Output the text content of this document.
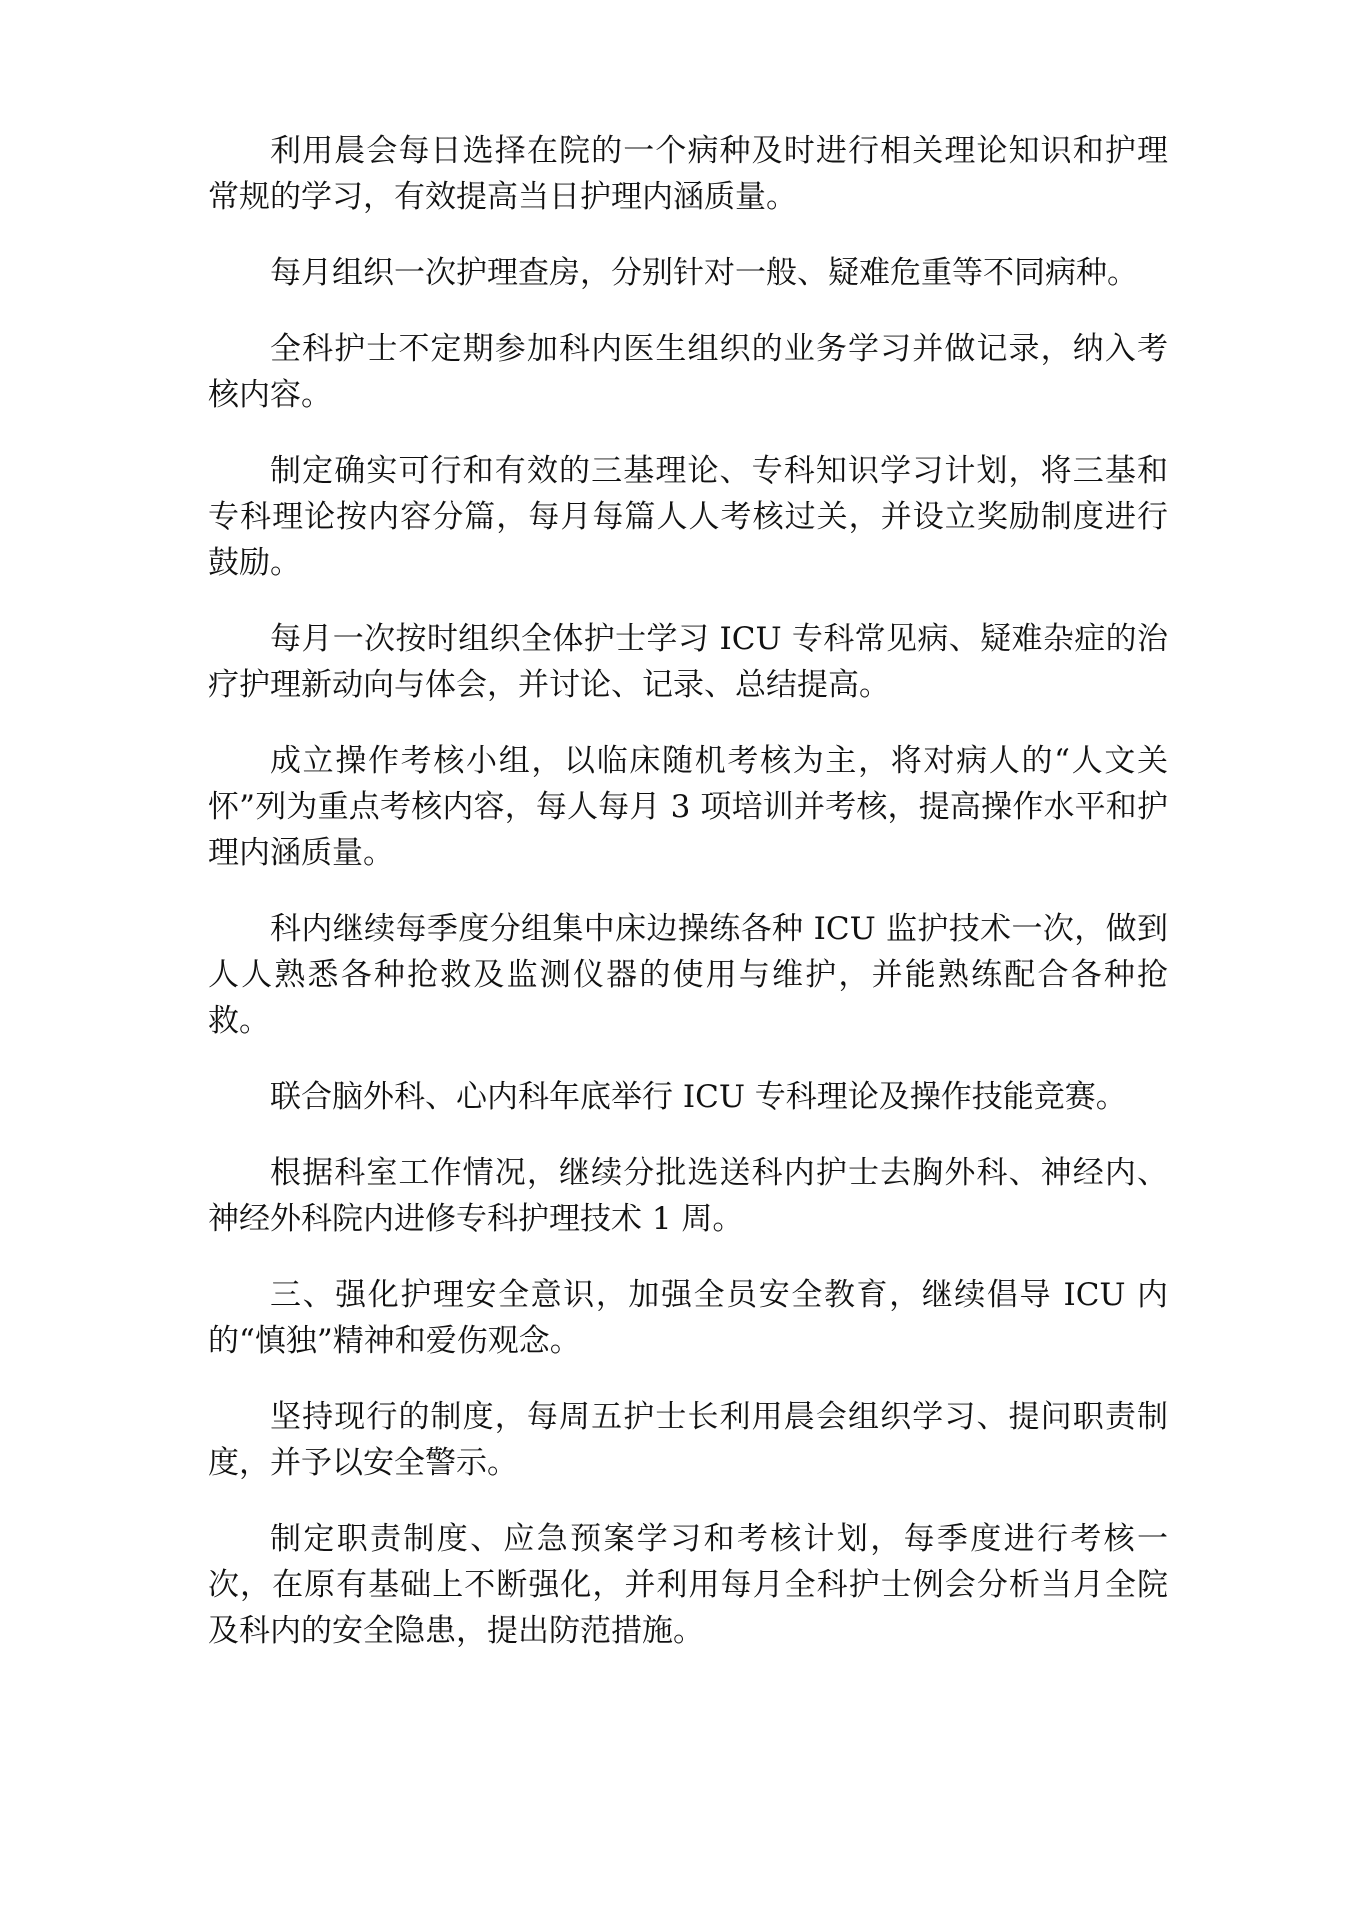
利用晨会每日选择在院的一个病种及时进行相关理论知识和护理常规的学习，有效提高当日护理内涵质量。

每月组织一次护理查房，分别针对一般、疑难危重等不同病种。

全科护士不定期参加科内医生组织的业务学习并做记录，纳入考核内容。

制定确实可行和有效的三基理论、专科知识学习计划，将三基和专科理论按内容分篇，每月每篇人人考核过关，并设立奖励制度进行鼓励。

每月一次按时组织全体护士学习 ICU 专科常见病、疑难杂症的治疗护理新动向与体会，并讨论、记录、总结提高。

成立操作考核小组，以临床随机考核为主，将对病人的“人文关怀”列为重点考核内容，每人每月 3 项培训并考核，提高操作水平和护理内涵质量。

科内继续每季度分组集中床边操练各种 ICU 监护技术一次，做到人人熟悉各种抢救及监测仪器的使用与维护，并能熟练配合各种抢救。

联合脑外科、心内科年底举行 ICU 专科理论及操作技能竞赛。

根据科室工作情况，继续分批选送科内护士去胸外科、神经内、神经外科院内进修专科护理技术 1 周。

三、强化护理安全意识，加强全员安全教育，继续倡导 ICU 内的“慎独”精神和爱伤观念。

坚持现行的制度，每周五护士长利用晨会组织学习、提问职责制度，并予以安全警示。

制定职责制度、应急预案学习和考核计划，每季度进行考核一次，在原有基础上不断强化，并利用每月全科护士例会分析当月全院及科内的安全隐患，提出防范措施。
